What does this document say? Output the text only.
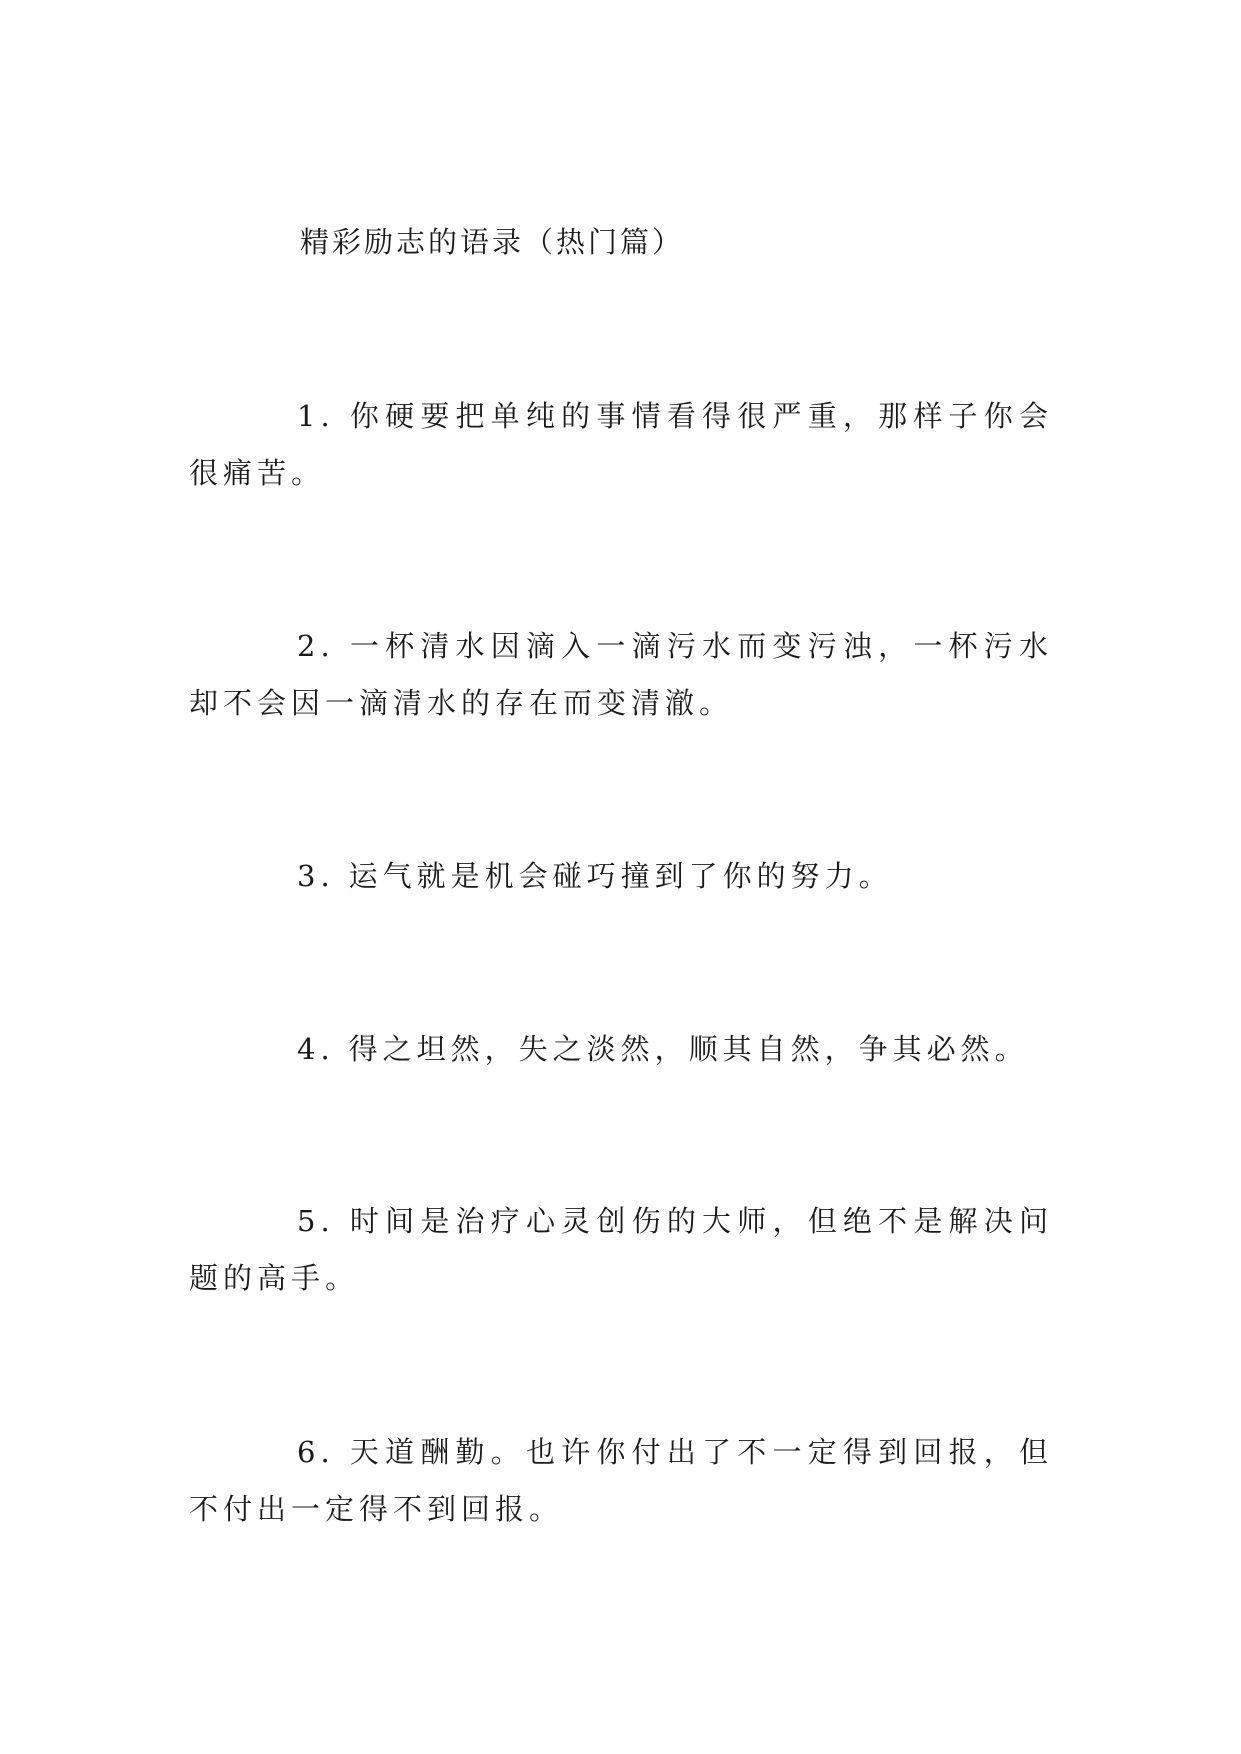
精彩励志的语录（热门篇）

1. 你硬要把单纯的事情看得很严重，那样子你会很痛苦。

2. 一杯清水因滴入一滴污水而变污浊，一杯污水却不会因一滴清水的存在而变清澈。

3. 运气就是机会碰巧撞到了你的努力。

4. 得之坦然，失之淡然，顺其自然，争其必然。

5. 时间是治疗心灵创伤的大师，但绝不是解决问题的高手。

6. 天道酬勤。也许你付出了不一定得到回报，但不付出一定得不到回报。
